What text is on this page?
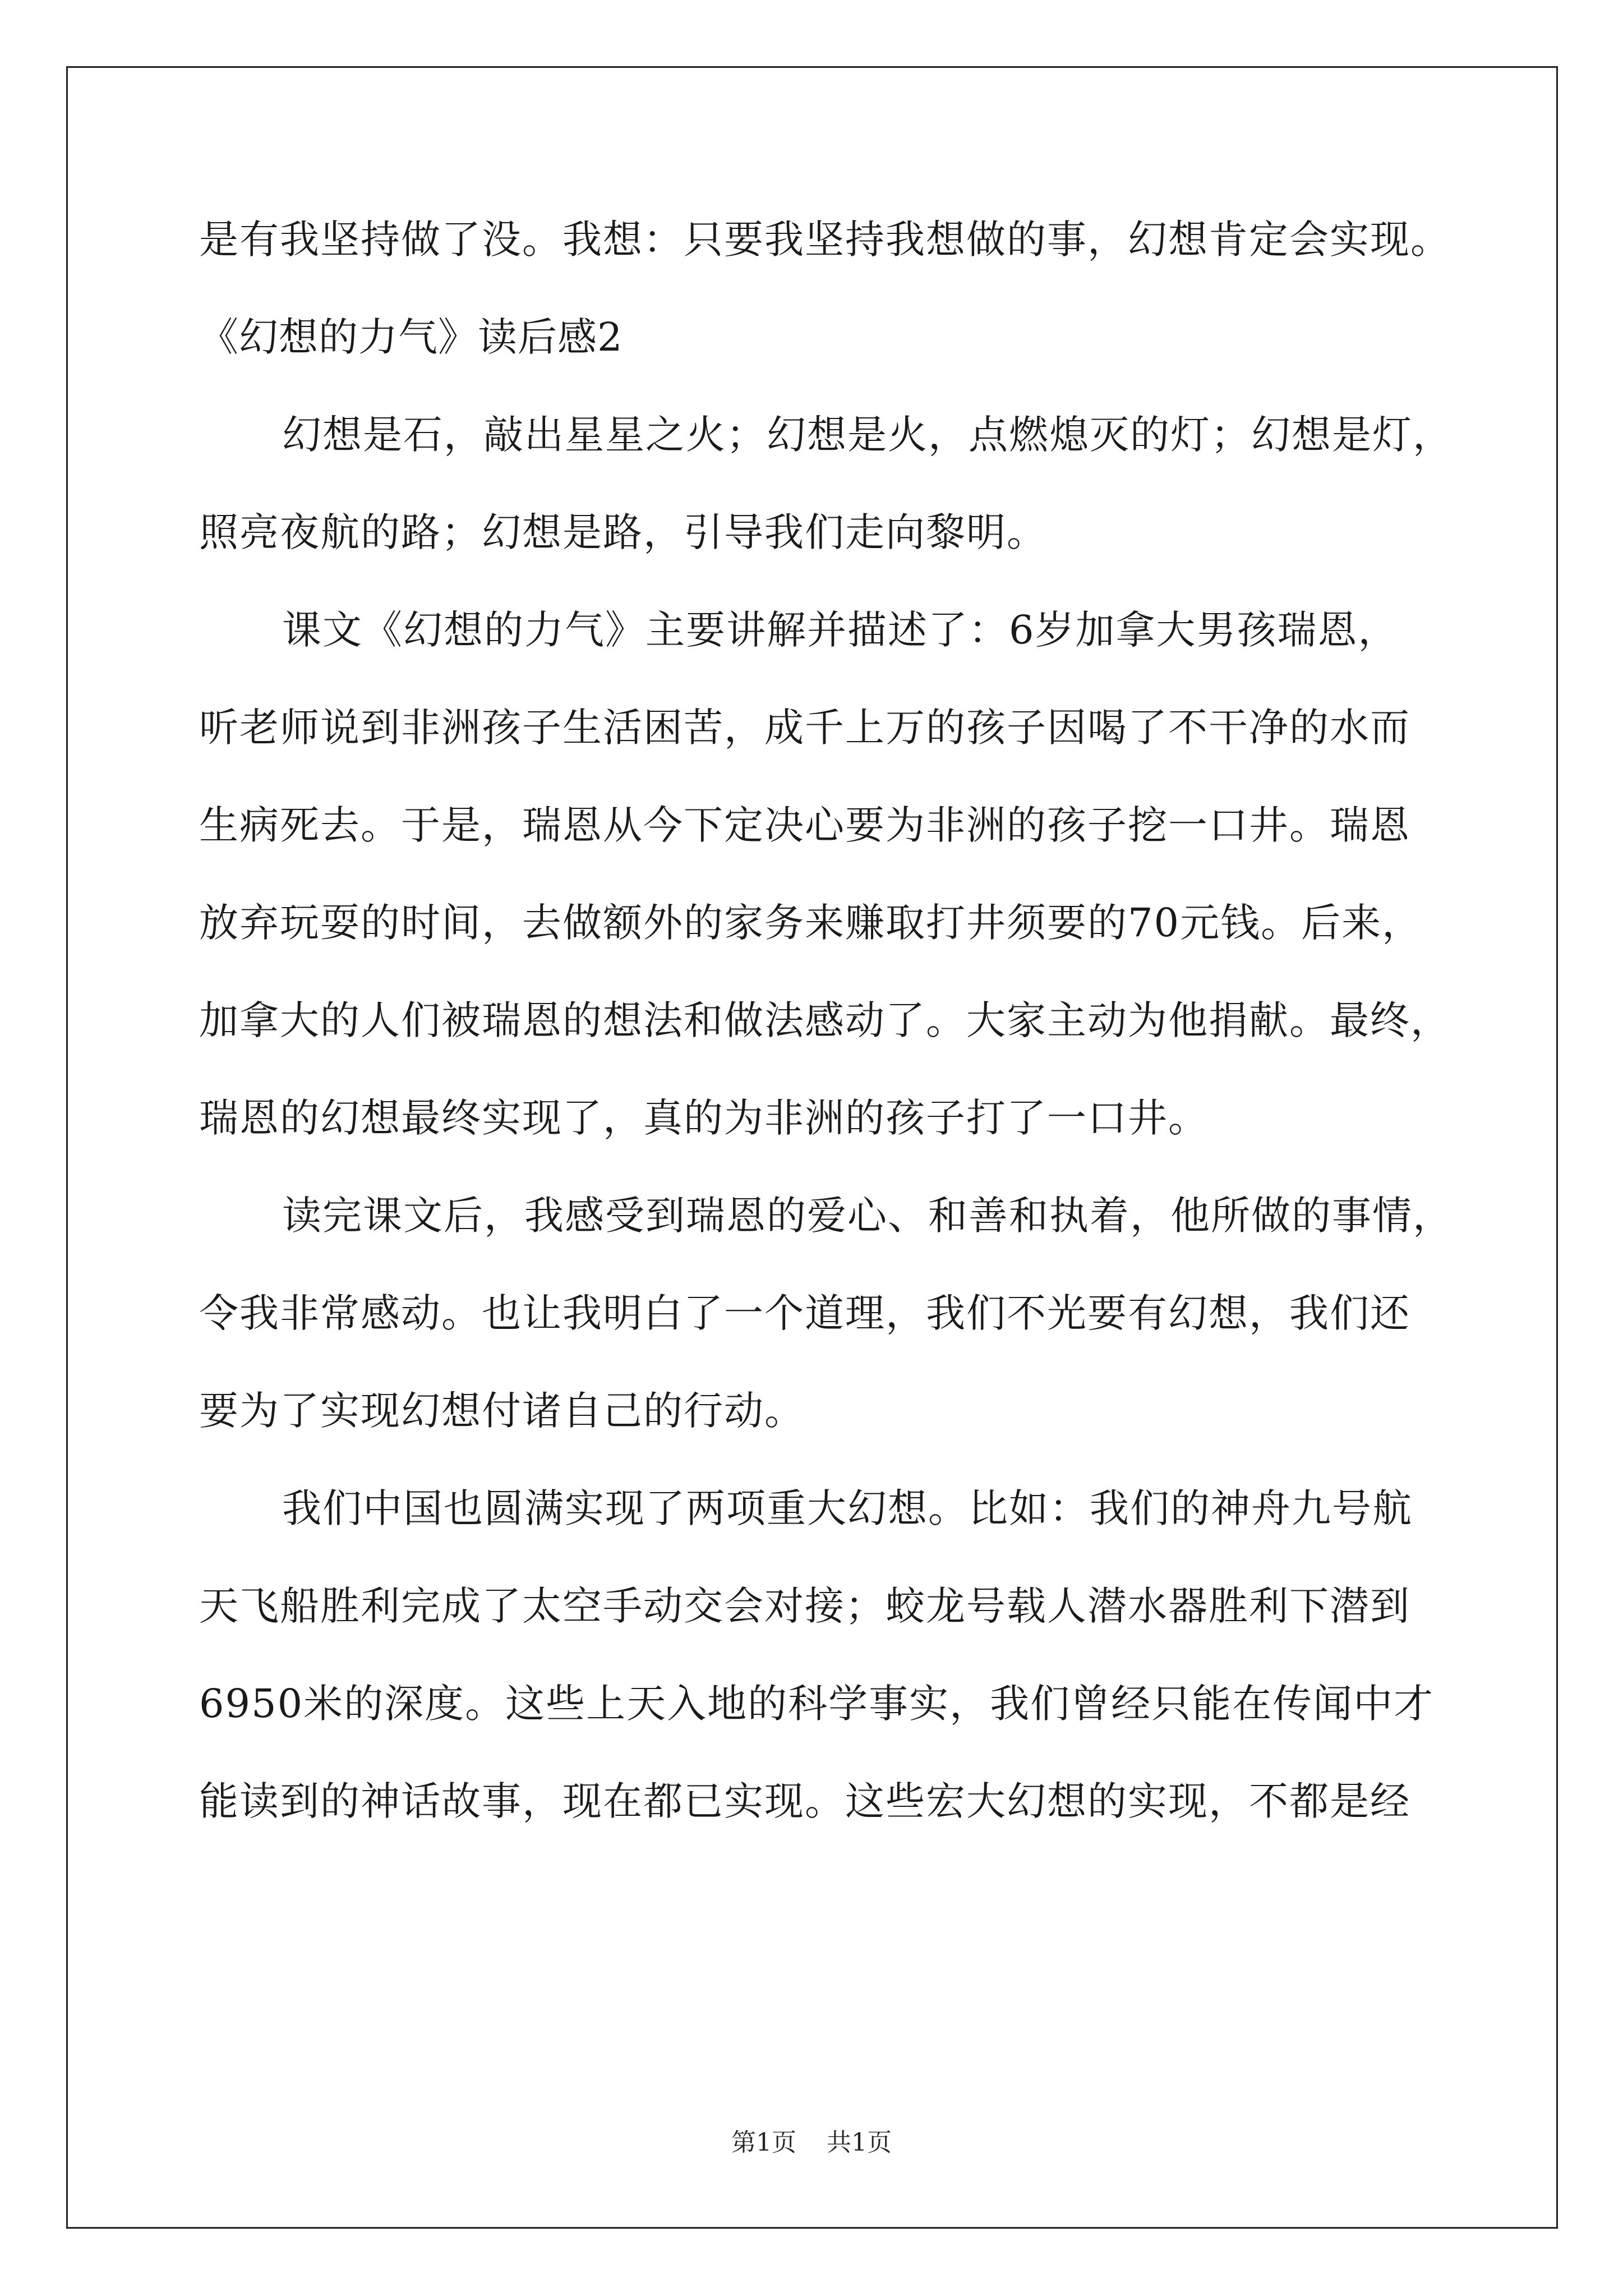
是有我坚持做了没。我想：只要我坚持我想做的事，幻想肯定会实现。
《幻想的力气》读后感2
幻想是石，敲出星星之火；幻想是火，点燃熄灭的灯；幻想是灯，
照亮夜航的路；幻想是路，引导我们走向黎明。
课文《幻想的力气》主要讲解并描述了：6岁加拿大男孩瑞恩，
听老师说到非洲孩子生活困苦，成千上万的孩子因喝了不干净的水而
生病死去。于是，瑞恩从今下定决心要为非洲的孩子挖一口井。瑞恩
放弃玩耍的时间，去做额外的家务来赚取打井须要的70元钱。后来，
加拿大的人们被瑞恩的想法和做法感动了。大家主动为他捐献。最终，
瑞恩的幻想最终实现了，真的为非洲的孩子打了一口井。
读完课文后，我感受到瑞恩的爱心、和善和执着，他所做的事情，
令我非常感动。也让我明白了一个道理，我们不光要有幻想，我们还
要为了实现幻想付诸自己的行动。
我们中国也圆满实现了两项重大幻想。比如：我们的神舟九号航
天飞船胜利完成了太空手动交会对接；蛟龙号载人潜水器胜利下潜到
6950米的深度。这些上天入地的科学事实，我们曾经只能在传闻中才
能读到的神话故事，现在都已实现。这些宏大幻想的实现，不都是经
第1页 共1页
